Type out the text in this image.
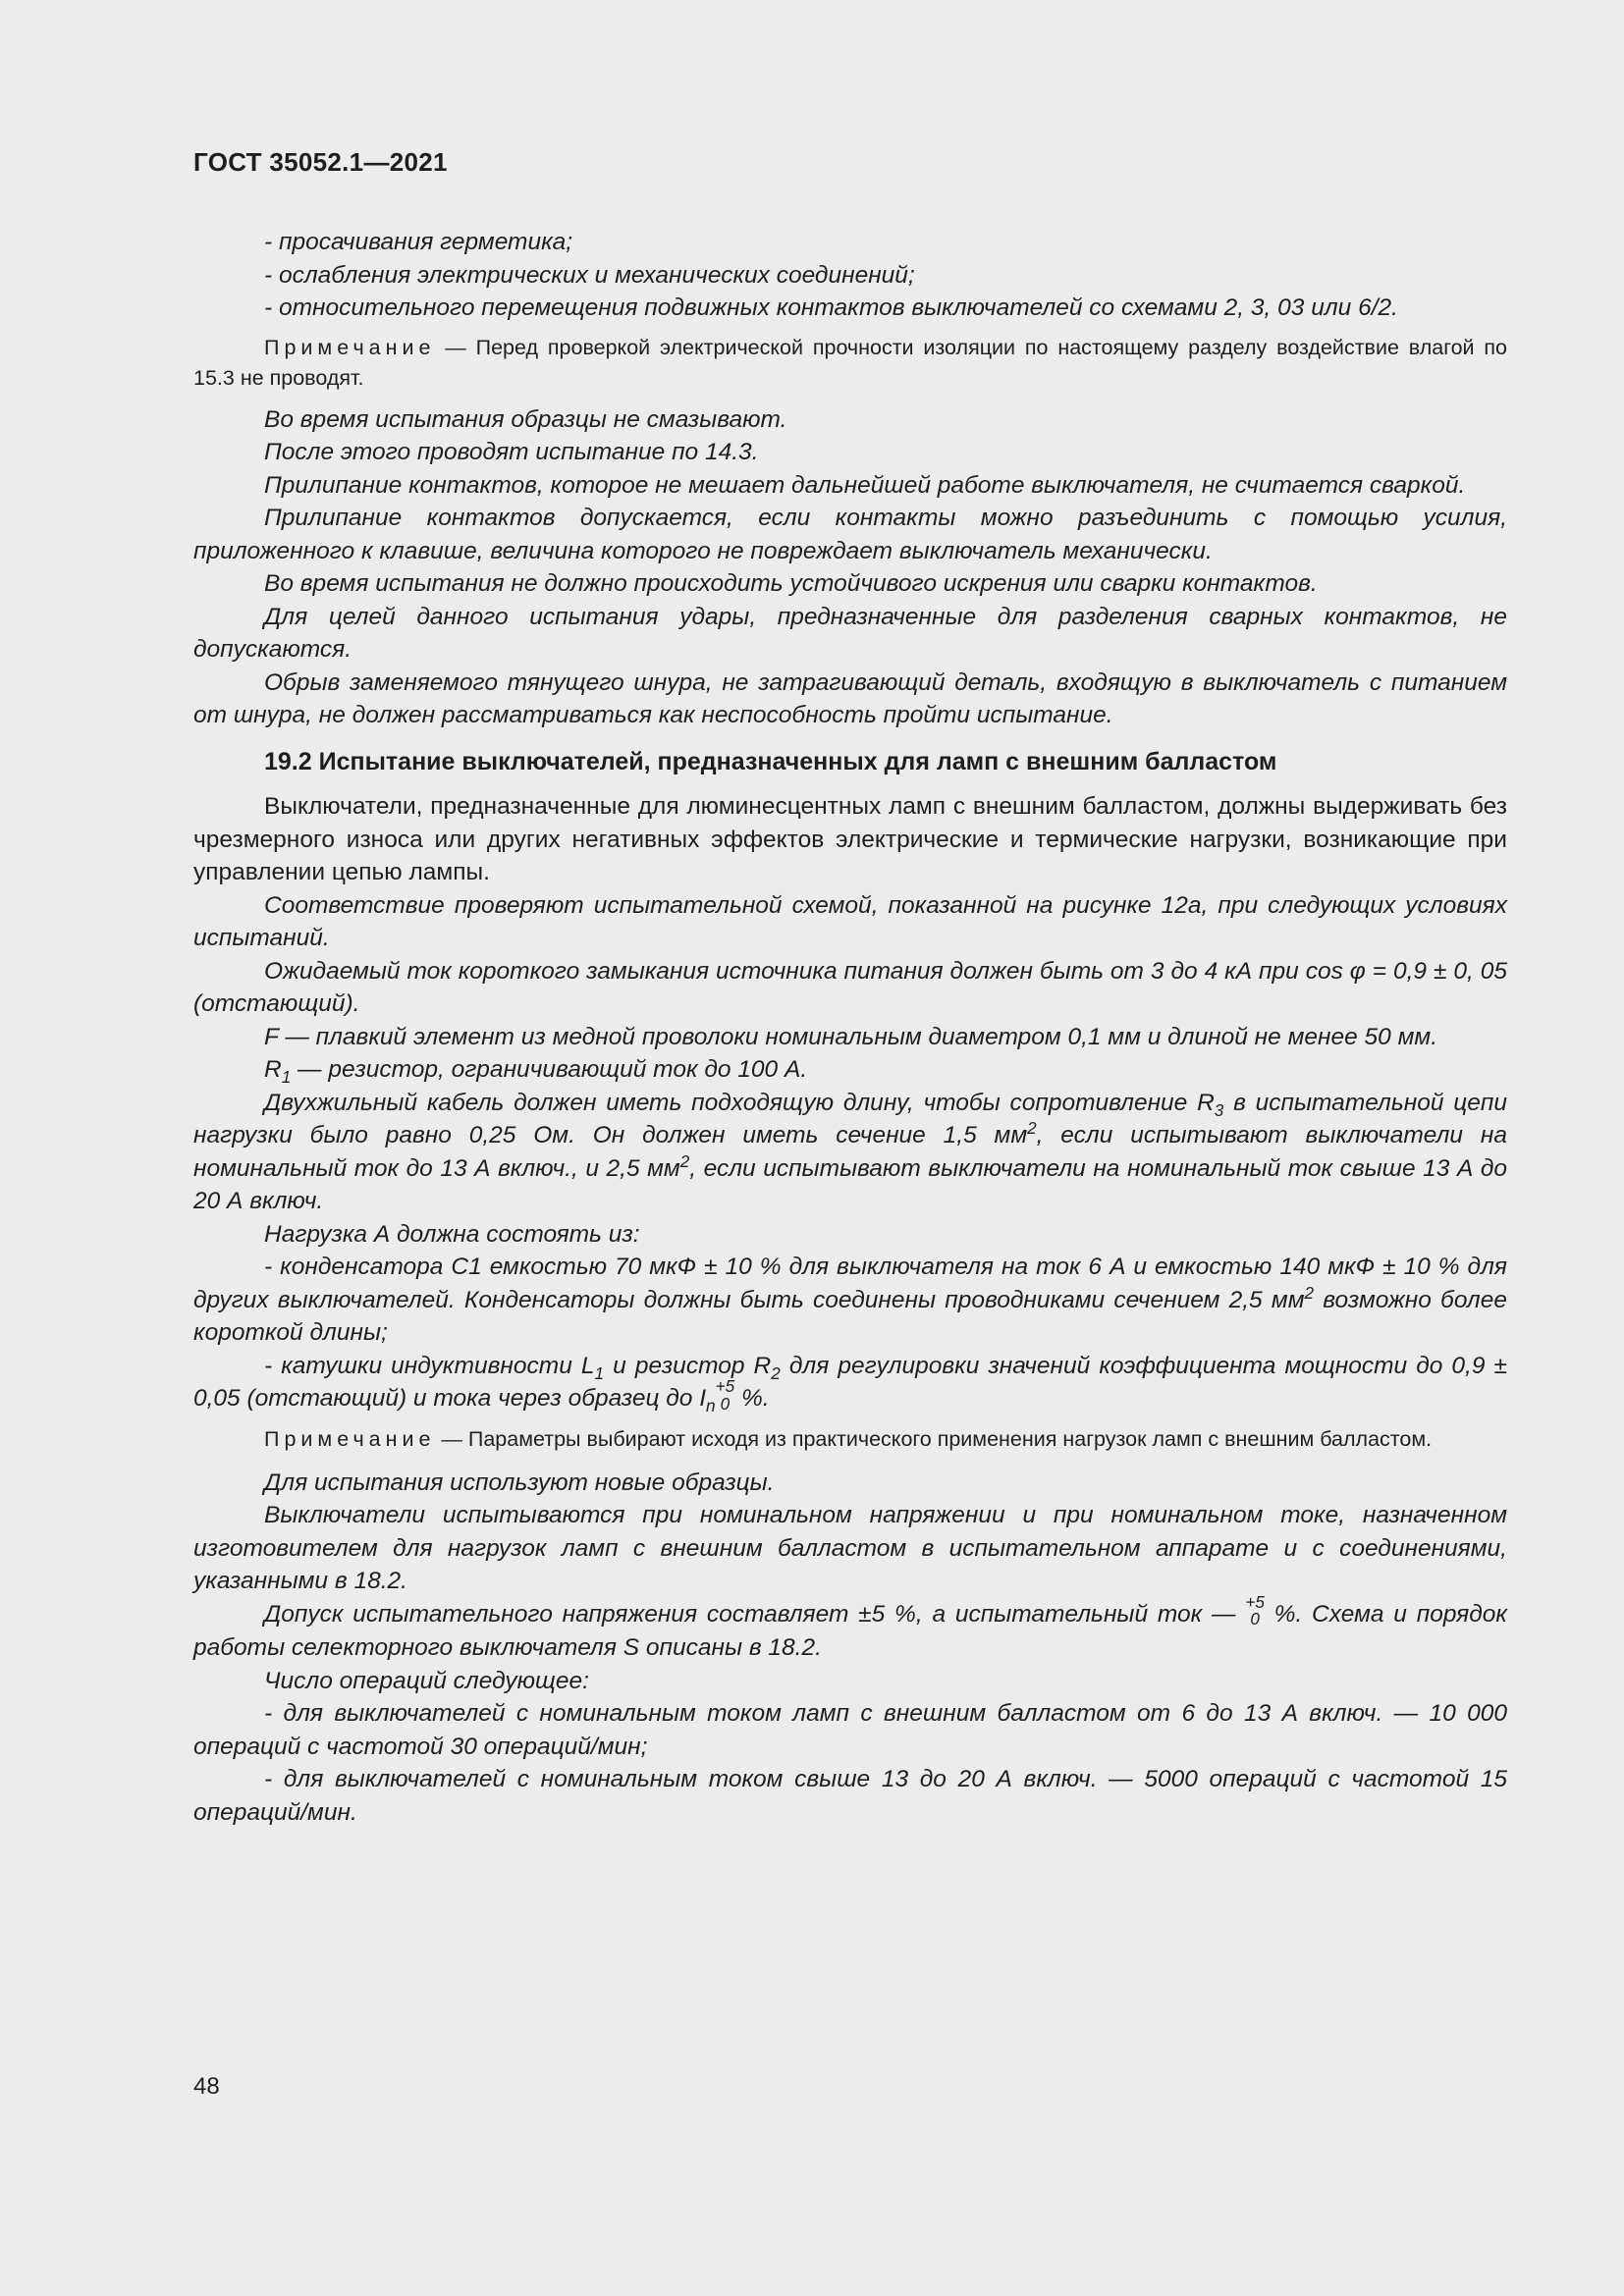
ГОСТ 35052.1—2021

- просачивания герметика;

- ослабления электрических и механических соединений;

- относительного перемещения подвижных контактов выключателей со схемами 2, 3, 03 или 6/2.

Примечание — Перед проверкой электрической прочности изоляции по настоящему разделу воздействие влагой по 15.3 не проводят.

Во время испытания образцы не смазывают.

После этого проводят испытание по 14.3.

Прилипание контактов, которое не мешает дальнейшей работе выключателя, не считается сваркой.

Прилипание контактов допускается, если контакты можно разъединить с помощью усилия, приложенного к клавише, величина которого не повреждает выключатель механически.

Во время испытания не должно происходить устойчивого искрения или сварки контактов.

Для целей данного испытания удары, предназначенные для разделения сварных контактов, не допускаются.

Обрыв заменяемого тянущего шнура, не затрагивающий деталь, входящую в выключатель с питанием от шнура, не должен рассматриваться как неспособность пройти испытание.

19.2 Испытание выключателей, предназначенных для ламп с внешним балластом

Выключатели, предназначенные для люминесцентных ламп с внешним балластом, должны выдерживать без чрезмерного износа или других негативных эффектов электрические и термические нагрузки, возникающие при управлении цепью лампы.

Соответствие проверяют испытательной схемой, показанной на рисунке 12а, при следующих условиях испытаний.

Ожидаемый ток короткого замыкания источника питания должен быть от 3 до 4 кА при cos φ = 0,9 ± 0, 05 (отстающий).

F — плавкий элемент из медной проволоки номинальным диаметром 0,1 мм и длиной не менее 50 мм.

$R_1$ — резистор, ограничивающий ток до 100 А.

Двухжильный кабель должен иметь подходящую длину, чтобы сопротивление $R_3$ в испытательной цепи нагрузки было равно 0,25 Ом. Он должен иметь сечение 1,5 $мм^2$, если испытывают выключатели на номинальный ток до 13 А включ., и 2,5 $мм^2$, если испытывают выключатели на номинальный ток свыше 13 А до 20 А включ.

Нагрузка А должна состоять из:

- конденсатора С1 емкостью 70 мкФ ± 10 % для выключателя на ток 6 А и емкостью 140 мкФ ± 10 % для других выключателей. Конденсаторы должны быть соединены проводниками сечением 2,5 $мм^2$ возможно более короткой длины;

- катушки индуктивности $L_1$ и резистор $R_2$ для регулировки значений коэффициента мощности до 0,9 ± 0,05 (отстающий) и тока через образец до $I_n$
+5
0 %.

Примечание — Параметры выбирают исходя из практического применения нагрузок ламп с внешним балластом.

Для испытания используют новые образцы.

Выключатели испытываются при номинальном напряжении и при номинальном токе, назначенном изготовителем для нагрузок ламп с внешним балластом в испытательном аппарате и с соединениями, указанными в 18.2.

Допуск испытательного напряжения составляет ±5 %, а испытательный ток — +5
0 %. Схема и порядок работы селекторного выключателя S описаны в 18.2.

Число операций следующее:

- для выключателей с номинальным током ламп с внешним балластом от 6 до 13 А включ. — 10 000 операций с частотой 30 операций/мин;

- для выключателей с номинальным током свыше 13 до 20 А включ. — 5000 операций с частотой 15 операций/мин.

48
